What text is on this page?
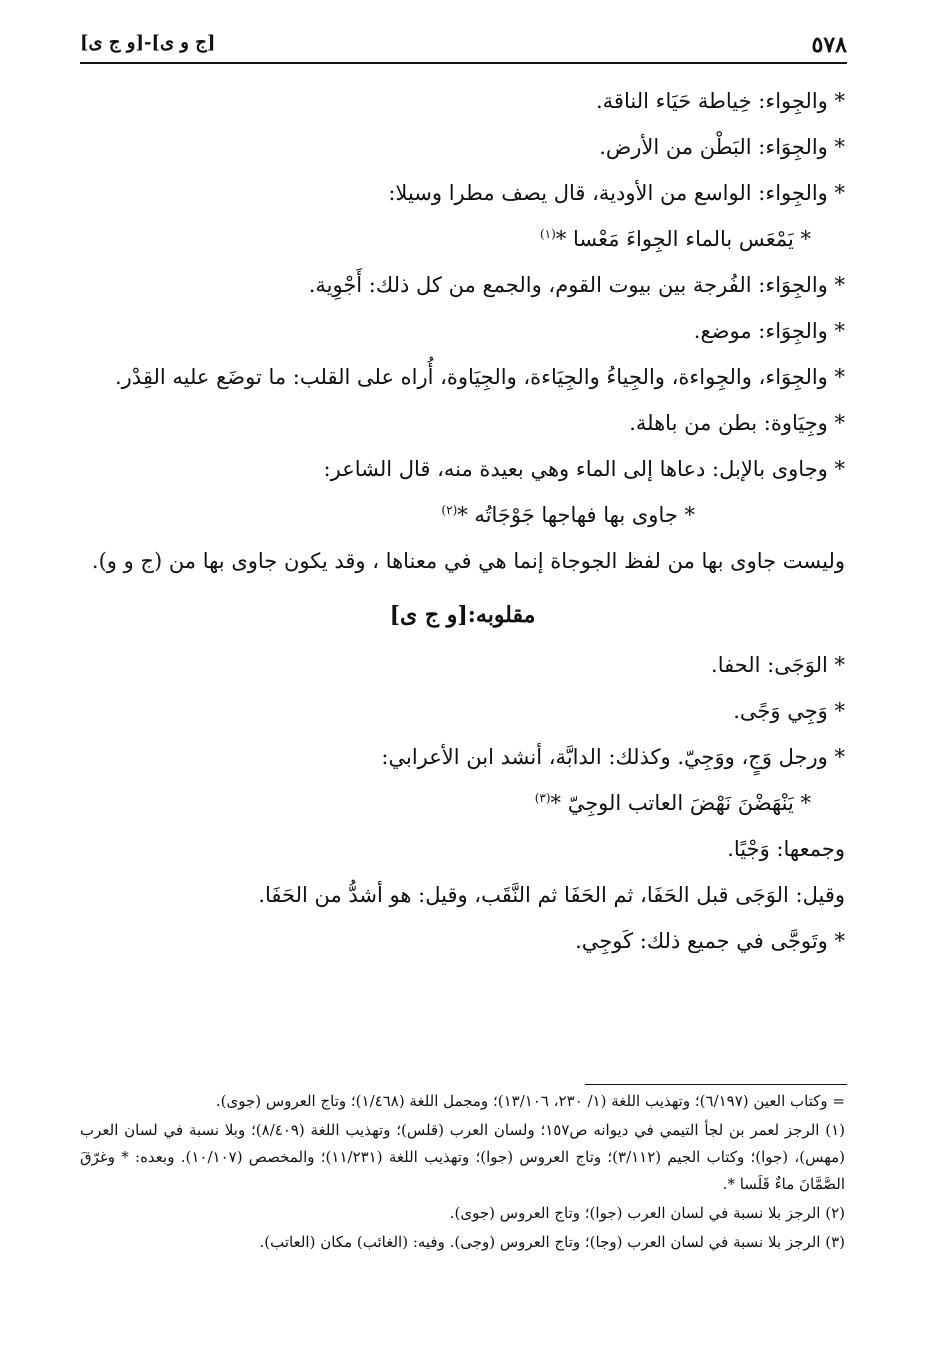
٥٧٨
[ج و ى]-[و ج ى]

* والجِواء: خِياطة حَيَاء الناقة.

* والجِوَاء: البَطْن من الأرض.

* والجِواء: الواسع من الأودية، قال يصف مطرا وسيلا:

* يَمْعَس بالماء الجِواءَ مَعْسا *$^{(١)}$

* والجِوَاء: الفُرجة بين بيوت القوم، والجمع من كل ذلك: أَجْوِية.

* والجِوَاء: موضع.

* والجِوَاء، والجِواءة، والجِياءُ والجِيَاءة، والجِيَاوة، أُراه على القلب: ما توضَع عليه القِدْر.

* وجِيَاوة: بطن من باهلة.

* وجاوى بالإبل: دعاها إلى الماء وهي بعيدة منه، قال الشاعر:

* جاوى بها فهاجها جَوْجَاتُه *$^{(٢)}$

وليست جاوى بها من لفظ الجوجاة إنما هي في معناها ، وقد يكون جاوى بها من (ج و و).

مقلوبه:[و ج ى]

* الوَجَى: الحفا.

* وَجِي وَجًى.

* ورجل وَجٍ، ووَجِيّ. وكذلك: الدابَّة، أنشد ابن الأعرابي:

* يَنْهَضْنَ نَهْضَ العاتب الوجِيّ *$^{(٣)}$

وجمعها: وَجْيًا.

وقيل: الوَجَى قبل الحَفَا، ثم الحَفَا ثم النَّقَب، وقيل: هو أشدُّ من الحَفَا.

* وتَوجَّى في جميع ذلك: كَوجِي.

= وكتاب العين (٦/١٩٧)؛ وتهذيب اللغة (١/ ٢٣٠، ١٣/١٠٦)؛ ومجمل اللغة (١/٤٦٨)؛ وتاج العروس (جوى).

(١) الرجز لعمر بن لجأ التيمي في ديوانه ص١٥٧؛ ولسان العرب (قلس)؛ وتهذيب اللغة (٨/٤٠٩)؛ وبلا نسبة في لسان العرب (مهس)، (جوا)؛ وكتاب الجيم (٣/١١٢)؛ وتاج العروس (جوا)؛ وتهذيب اللغة (١١/٢٣١)؛ والمخصص (١٠/١٠٧). وبعده: * وغرّقَ الصَّمَّانَ ماءٌ قَلَسا *.

(٢) الرجز بلا نسبة في لسان العرب (جوا)؛ وتاج العروس (جوى).

(٣) الرجز بلا نسبة في لسان العرب (وجا)؛ وتاج العروس (وجى). وفيه: (الغائب) مكان (العاتب).
